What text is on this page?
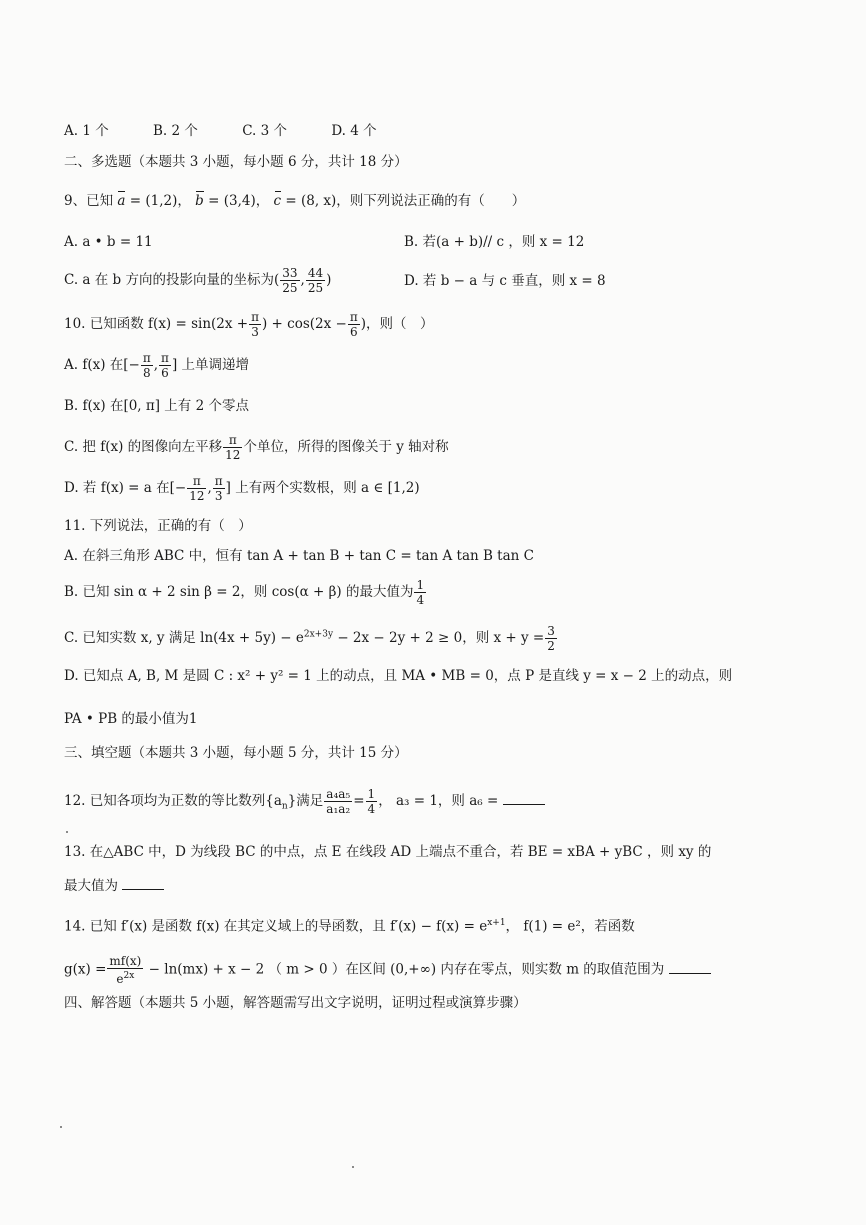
A. 1 个	B. 2 个	C. 3 个	D. 4 个
二、多选题（本题共 3 小题，每小题 6 分，共计 18 分）
9、已知 a = (1,2)， b = (3,4)， c = (8, x)，则下列说法正确的有（　　）
A. a • b = 11	B. 若(a + b)// c ，则 x = 12
C. a 在 b 方向的投影向量的坐标为( $\frac{33}{25}$ , $\frac{44}{25}$ )	D. 若 b − a 与 c 垂直，则 x = 8
10. 已知函数 $f(x) = \sin(2x + \frac{\pi}{3}$ ) + $\cos(2x - \frac{\pi}{6}$ )，则（　）
A. f(x) 在[− $\frac{\pi}{8}$ , $\frac{\pi}{6}$ ] 上单调递增
B. f(x) 在[0, π] 上有 2 个零点
C. 把 f(x) 的图像向左平移 $\frac{\pi}{12}$ 个单位，所得的图像关于 y 轴对称
D. 若 f(x) = a 在[− $\frac{\pi}{12}$ , $\frac{\pi}{3}$ ] 上有两个实数根，则 a ∈ [1,2)
11. 下列说法，正确的有（　）
A. 在斜三角形 ABC 中，恒有 tan A + tan B + tan C = tan A tan B tan C
B. 已知 sin α + 2 sin β = 2，则 cos(α + β) 的最大值为 $\frac{1}{4}$
C. 已知实数 x, y 满足 $\ln(4x + 5y) - e^{2x+3y} - 2x - 2y + 2 \ge 0$，则 $x + y = \frac{3}{2}$
D. 已知点 A, B, M 是圆 C : x² + y² = 1 上的动点，且 MA • MB = 0，点 P 是直线 y = x − 2 上的动点，则
PA • PB 的最小值为1
三、填空题（本题共 3 小题，每小题 5 分，共计 15 分）
12. 已知各项均为正数的等比数列$\{a_n\}$满足 $\frac{\text{a₄a₅}}{\text{a₁a₂}} = \frac{1}{4}$ ， a₃ = 1，则 a₆ =
13. 在△ABC 中，D 为线段 BC 的中点，点 E 在线段 AD 上端点不重合，若 BE = xBA + yBC ，则 xy 的
最大值为
14. 已知 f′(x) 是函数 f(x) 在其定义域上的导函数，且 $f'(x) - f(x) = e^{x+1}$， f(1) = e²，若函数
$g(x) = \frac{mf(x)}{e^{2x}} - \ln(mx) + x - 2$ （ m > 0 ）在区间 (0,+∞) 内存在零点，则实数 m 的取值范围为
四、解答题（本题共 5 小题，解答题需写出文字说明，证明过程或演算步骤）
